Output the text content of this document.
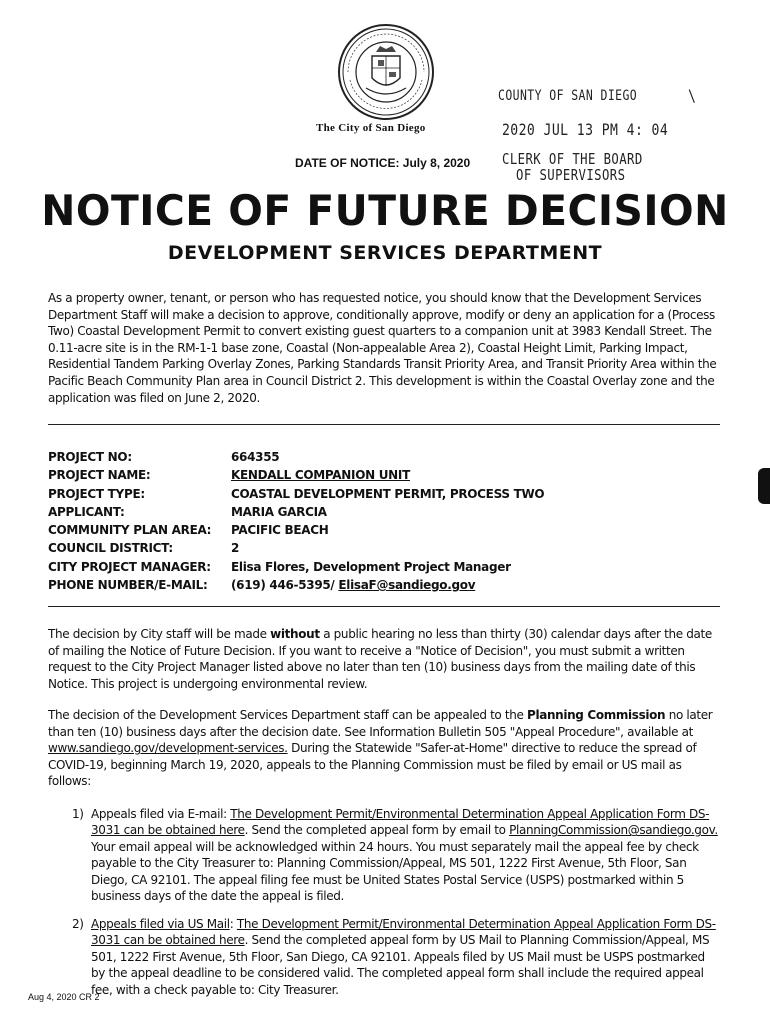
The City of San Diego
DATE OF NOTICE: July 8, 2020
COUNTY OF SAN DIEGO	\
2020 JUL 13 PM 4: 04
CLERK OF THE BOARD
OF SUPERVISORS
NOTICE OF FUTURE DECISION
DEVELOPMENT SERVICES DEPARTMENT
As a property owner, tenant, or person who has requested notice, you should know that the Development Services Department Staff will make a decision to approve, conditionally approve, modify or deny an application for a (Process Two) Coastal Development Permit to convert existing guest quarters to a companion unit at 3983 Kendall Street. The 0.11-acre site is in the RM-1-1 base zone, Coastal (Non-appealable Area 2), Coastal Height Limit, Parking Impact, Residential Tandem Parking Overlay Zones, Parking Standards Transit Priority Area, and Transit Priority Area within the Pacific Beach Community Plan area in Council District 2. This development is within the Coastal Overlay zone and the application was filed on June 2, 2020.
PROJECT NO:	664355
PROJECT NAME:	KENDALL COMPANION UNIT
PROJECT TYPE:	COASTAL DEVELOPMENT PERMIT, PROCESS TWO
APPLICANT:	MARIA GARCIA
COMMUNITY PLAN AREA:	PACIFIC BEACH
COUNCIL DISTRICT:	2
CITY PROJECT MANAGER:	Elisa Flores, Development Project Manager
PHONE NUMBER/E-MAIL:	(619) 446-5395/ ElisaF@sandiego.gov
The decision by City staff will be made without a public hearing no less than thirty (30) calendar days after the date of mailing the Notice of Future Decision. If you want to receive a "Notice of Decision", you must submit a written request to the City Project Manager listed above no later than ten (10) business days from the mailing date of this Notice. This project is undergoing environmental review.
The decision of the Development Services Department staff can be appealed to the Planning Commission no later than ten (10) business days after the decision date. See Information Bulletin 505 "Appeal Procedure", available at www.sandiego.gov/development-services. During the Statewide "Safer-at-Home" directive to reduce the spread of COVID-19, beginning March 19, 2020, appeals to the Planning Commission must be filed by email or US mail as follows:
1) Appeals filed via E-mail: The Development Permit/Environmental Determination Appeal Application Form DS-3031 can be obtained here. Send the completed appeal form by email to PlanningCommission@sandiego.gov. Your email appeal will be acknowledged within 24 hours. You must separately mail the appeal fee by check payable to the City Treasurer to: Planning Commission/Appeal, MS 501, 1222 First Avenue, 5th Floor, San Diego, CA 92101. The appeal filing fee must be United States Postal Service (USPS) postmarked within 5 business days of the date the appeal is filed.
2) Appeals filed via US Mail: The Development Permit/Environmental Determination Appeal Application Form DS-3031 can be obtained here. Send the completed appeal form by US Mail to Planning Commission/Appeal, MS 501, 1222 First Avenue, 5th Floor, San Diego, CA 92101. Appeals filed by US Mail must be USPS postmarked by the appeal deadline to be considered valid. The completed appeal form shall include the required appeal fee, with a check payable to: City Treasurer.
Aug 4, 2020 CR 2
